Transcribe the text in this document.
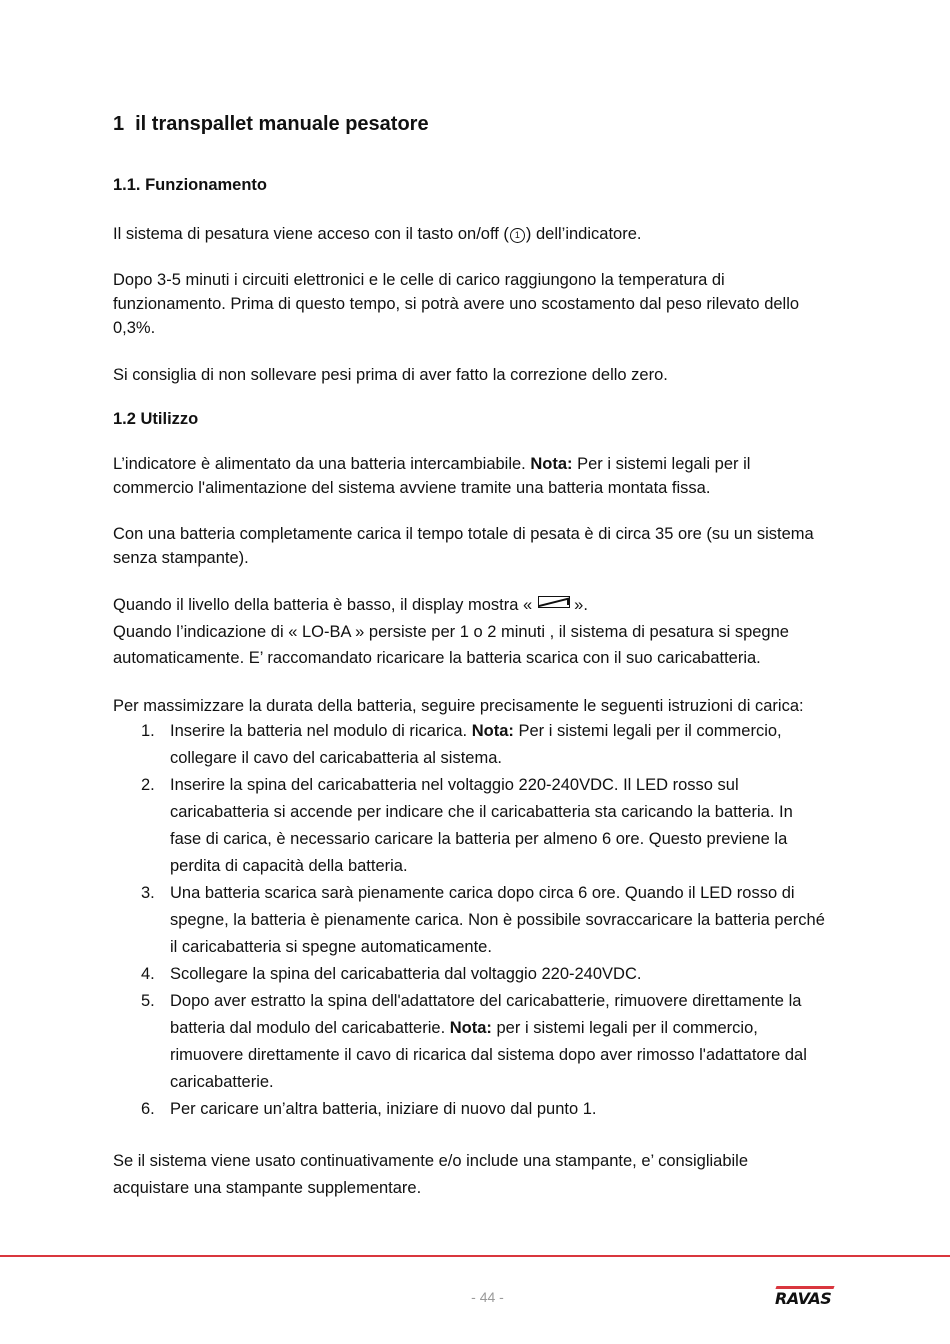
1 il transpallet manuale pesatore
1.1. Funzionamento

Il sistema di pesatura viene acceso con il tasto on/off ( 1 ) dell’indicatore.

Dopo 3-5 minuti i circuiti elettronici e le celle di carico raggiungono la temperatura di
funzionamento. Prima di questo tempo, si potrà avere uno scostamento dal peso rilevato dello
0,3%.

Si consiglia di non sollevare pesi prima di aver fatto la correzione dello zero.

1.2 Utilizzo

L’indicatore è alimentato da una batteria intercambiabile. Nota: Per i sistemi legali per il
commercio l'alimentazione del sistema avviene tramite una batteria montata fissa.

Con una batteria completamente carica il tempo totale di pesata è di circa 35 ore (su un sistema
senza stampante).

Quando il livello della batteria è basso, il display mostra «	».
Quando l’indicazione di « LO-BA » persiste per 1 o 2 minuti , il sistema di pesatura si spegne
automaticamente. E’ raccomandato ricaricare la batteria scarica con il suo caricabatteria.

Per massimizzare la durata della batteria, seguire precisamente le seguenti istruzioni di carica:

1. Inserire la batteria nel modulo di ricarica. Nota: Per i sistemi legali per il commercio,
collegare il cavo del caricabatteria al sistema.
2. Inserire la spina del caricabatteria nel voltaggio 220-240VDC. Il LED rosso sul
caricabatteria si accende per indicare che il caricabatteria sta caricando la batteria. In
fase di carica, è necessario caricare la batteria per almeno 6 ore. Questo previene la
perdita di capacità della batteria.
3. Una batteria scarica sarà pienamente carica dopo circa 6 ore. Quando il LED rosso di
spegne, la batteria è pienamente carica. Non è possibile sovraccaricare la batteria perché
il caricabatteria si spegne automaticamente.
4. Scollegare la spina del caricabatteria dal voltaggio 220-240VDC.
5. Dopo aver estratto la spina dell'adattatore del caricabatterie, rimuovere direttamente la
batteria dal modulo del caricabatterie. Nota: per i sistemi legali per il commercio,
rimuovere direttamente il cavo di ricarica dal sistema dopo aver rimosso l'adattatore dal
caricabatterie.
6. Per caricare un’altra batteria, iniziare di nuovo dal punto 1.

Se il sistema viene usato continuativamente e/o include una stampante, e’ consigliabile
acquistare una stampante supplementare.

- 44 -	RAVAS
